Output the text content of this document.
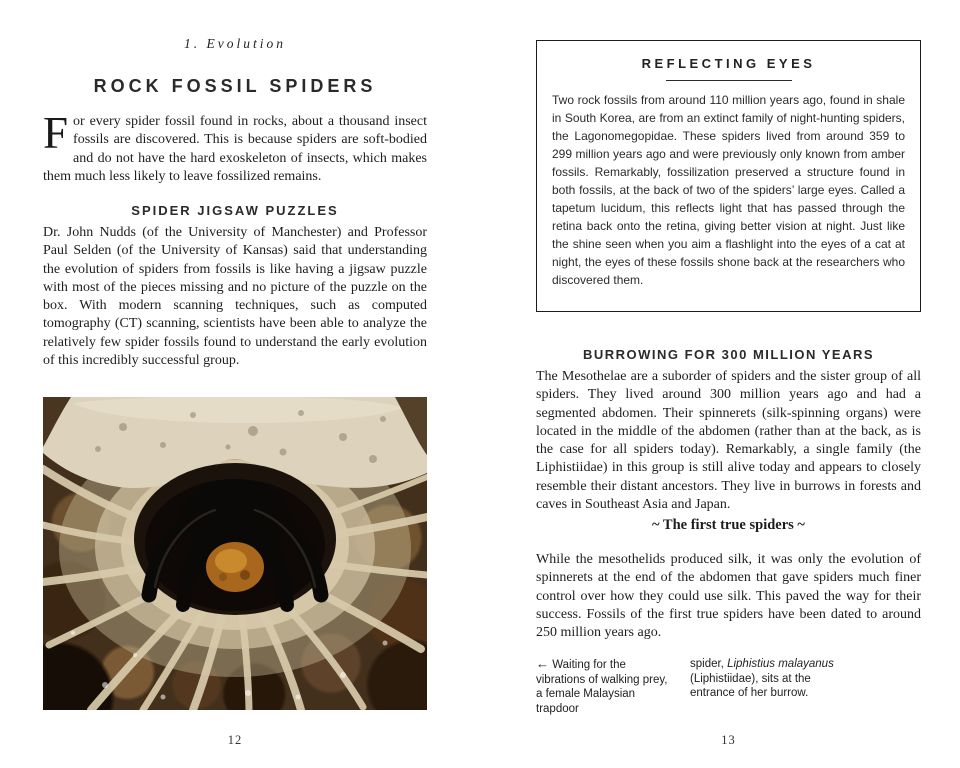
1. Evolution
ROCK FOSSIL SPIDERS

For every spider fossil found in rocks, about a thousand insect fossils are discovered. This is because spiders are soft-bodied and do not have the hard exoskeleton of insects, which makes them much less likely to leave fossilized remains.

SPIDER JIGSAW PUZZLES

Dr. John Nudds (of the University of Manchester) and Professor Paul Selden (of the University of Kansas) said that understanding the evolution of spiders from fossils is like having a jigsaw puzzle with most of the pieces missing and no picture of the puzzle on the box. With modern scanning techniques, such as computed tomography (CT) scanning, scientists have been able to analyze the relatively few spider fossils found to understand the early evolution of this incredibly successful group.

12
REFLECTING EYES

Two rock fossils from around 110 million years ago, found in shale in South Korea, are from an extinct family of night-hunting spiders, the Lagonomegopidae. These spiders lived from around 359 to 299 million years ago and were previously only known from amber fossils. Remarkably, fossilization preserved a structure found in both fossils, at the back of two of the spiders’ large eyes. Called a tapetum lucidum, this reflects light that has passed through the retina back onto the retina, giving better vision at night. Just like the shine seen when you aim a flashlight into the eyes of a cat at night, the eyes of these fossils shone back at the researchers who discovered them.

BURROWING FOR 300 MILLION YEARS

The Mesothelae are a suborder of spiders and the sister group of all spiders. They lived around 300 million years ago and had a segmented abdomen. Their spinnerets (silk-spinning organs) were located in the middle of the abdomen (rather than at the back, as is the case for all spiders today). Remarkably, a single family (the Liphistiidae) in this group is still alive today and appears to closely resemble their distant ancestors. They live in burrows in forests and caves in Southeast Asia and Japan.

~ The first true spiders ~

While the mesothelids produced silk, it was only the evolution of spinnerets at the end of the abdomen that gave spiders much finer control over how they could use silk. This paved the way for their success. Fossils of the first true spiders have been dated to around 250 million years ago.

← Waiting for the vibrations of walking prey, a female Malaysian trapdoor
spider, Liphistius malayanus (Liphistiidae), sits at the entrance of her burrow.
13
